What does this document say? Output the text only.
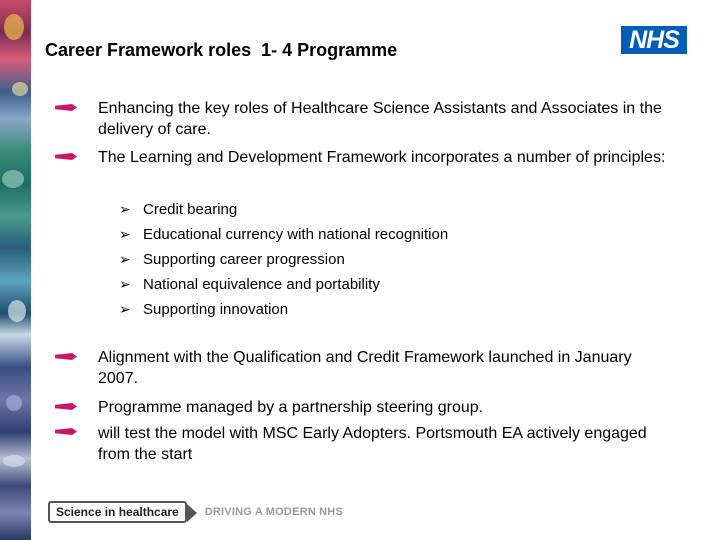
NHS
Career Framework roles  1- 4 Programme
Enhancing the key roles of Healthcare Science Assistants and Associates in the delivery of care.
The Learning and Development Framework incorporates a number of principles:
➢ Credit bearing
➢ Educational currency with national recognition
➢ Supporting career progression
➢ National equivalence and portability
➢ Supporting innovation
Alignment with the Qualification and Credit Framework launched in January 2007.
Programme managed by a partnership steering group.
will test the model with MSC Early Adopters. Portsmouth EA actively engaged from the start
Science in healthcare	DRIVING A MODERN NHS
